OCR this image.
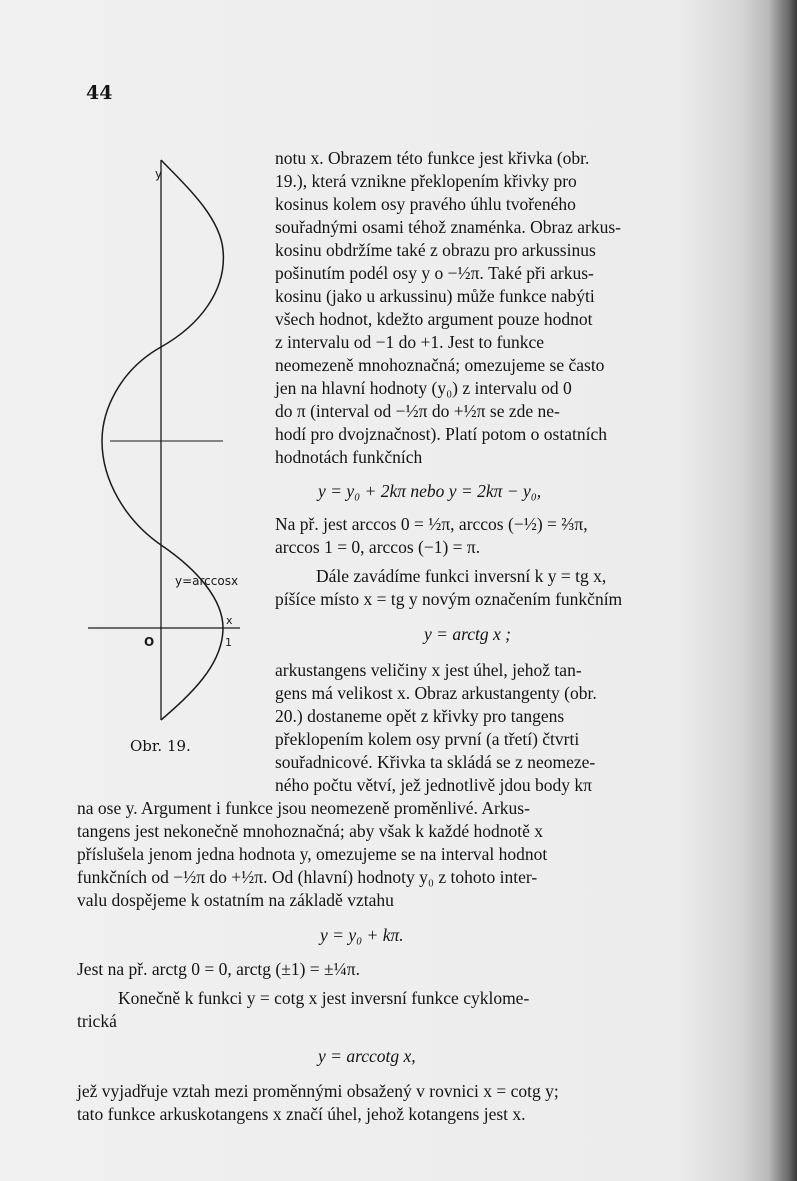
44
y
y=arccosx
x
O	1
Obr. 19.
notu x. Obrazem této funkce jest křivka (obr.
19.), která vznikne překlopením křivky pro
kosinus kolem osy pravého úhlu tvořeného
souřadnými osami téhož znaménka. Obraz arkus-
kosinu obdržíme také z obrazu pro arkussinus
pošinutím podél osy y o −½π. Také při arkus-
kosinu (jako u arkussinu) může funkce nabýti
všech hodnot, kdežto argument pouze hodnot
z intervalu od −1 do +1. Jest to funkce
neomezeně mnohoznačná; omezujeme se často
jen na hlavní hodnoty (y₀) z intervalu od 0
do π (interval od −½π do +½π se zde ne-
hodí pro dvojznačnost). Platí potom o ostatních
hodnotách funkčních
y = y₀ + 2kπ nebo y = 2kπ − y₀,
Na př. jest arccos 0 = ½π, arccos (−½) = ⅔π,
arccos 1 = 0, arccos (−1) = π.
Dále zavádíme funkci inversní k y = tg x,
píšíce místo x = tg y novým označením funkčním
y = arctg x ;
arkustangens veličiny x jest úhel, jehož tan-
gens má velikost x. Obraz arkustangenty (obr.
20.) dostaneme opět z křivky pro tangens
překlopením kolem osy první (a třetí) čtvrti
souřadnicové. Křivka ta skládá se z neomeze-
ného počtu větví, jež jednotlivě jdou body kπ
na ose y. Argument i funkce jsou neomezeně proměnlivé. Arkus-
tangens jest nekonečně mnohoznačná; aby však k každé hodnotě x
příslušela jenom jedna hodnota y, omezujeme se na interval hodnot
funkčních od −½π do +½π. Od (hlavní) hodnoty y₀ z tohoto inter-
valu dospějeme k ostatním na základě vztahu
y = y₀ + kπ.
Jest na př. arctg 0 = 0, arctg (±1) = ±¼π.
Konečně k funkci y = cotg x jest inversní funkce cyklome-
trická
y = arccotg x,
jež vyjadřuje vztah mezi proměnnými obsažený v rovnici x = cotg y;
tato funkce arkuskotangens x značí úhel, jehož kotangens jest x.
